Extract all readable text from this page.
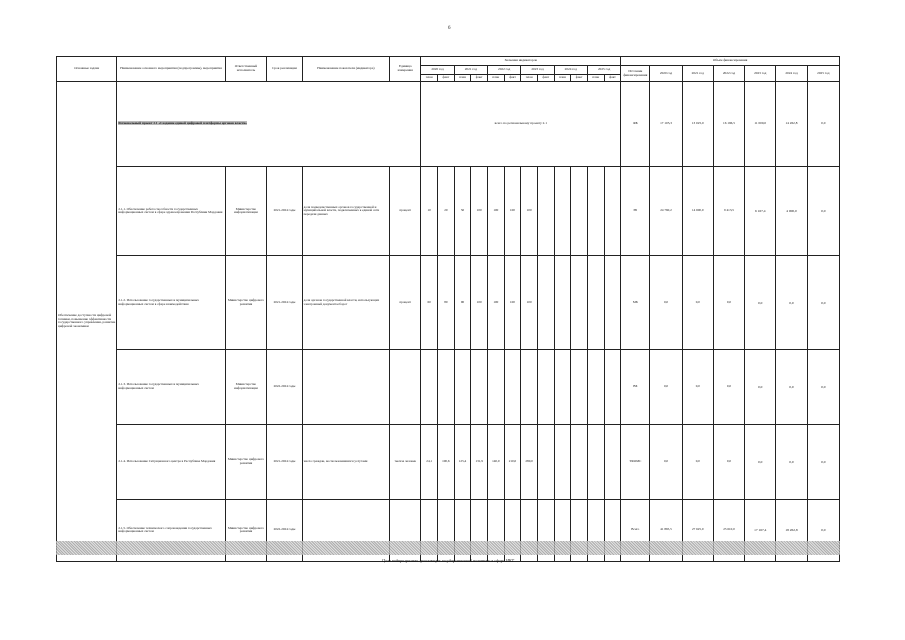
6
Основные задачи	Наименование основного мероприятия (подпрограммы), мероприятия	Ответственный исполнитель	Срок реализации	Наименование показателя (индикатора)	Единица измерения	Значения индикаторов												Объем финансирования						
						2020 год		2021 год		2022 год		2023 год		2024 год		2025 год		Источник финансирования	2020 год	2021 год	2022 год	2023 год	2024 год	2025 год
						план	факт	план	факт	план	факт	план	факт	план	факт	план	факт							
Обеспечение доступности цифровой техники, повышение эффективности государственного управления, развитие цифровой экономики	Региональный проект 2.1 «Создание единой цифровой платформы органов власти»					всего по региональному проекту 2.1												ФБ	17 105,3	13 025,0	16 196,5	11 000,0	14 262,8	0,0
	2.1.1. Обеспечение работоспособности государственных информационных систем в сфере здравоохранения Республики Мордовия	Министерство информатизации	2021-2024 годы	доля подведомственных органов государственной и муниципальной власти, подключенных к единой сети передачи данных	процент	10	20	50	100	100	100	100						РБ	24 760,2	14 600,0	9 413,5	6 167,4	4 000,0	0,0
	2.1.2. Использование государственных и муниципальных информационных систем в сфере взаимодействия	Министерство цифрового развития	2021-2024 годы	доля органов государственной власти, использующих электронный документооборот	процент	60	80	90	100	100	100	100						МБ	0,0	0,0	0,0	0,0	0,0	0,0
	2.1.3. Использование государственных и муниципальных информационных систем	Министерство информатизации	2022-2024 годы															ВБ	0,0	0,0	0,0	0,0	0,0	0,0
	2.1.4. Использование Ситуационного центра в Республике Мордовия	Министерство цифрового развития	2021-2024 годы	число граждан, воспользовавшихся услугами	тысяча человек	24,1	100,6	125,4	131,9	140,0	210,0	280,0						ТФОМС	0,0	0,0	0,0	0,0	0,0	0,0
	2.1.5. Обеспечение технического сопровождения государственных информационных систем	Министерство цифрового развития	2022-2024 годы															Всего	41 865,5	27 625,0	25 610,0	17 167,4	18 262,8	0,0
Цели подпрограммы: реализация государственной политики в сфере ИКТ
